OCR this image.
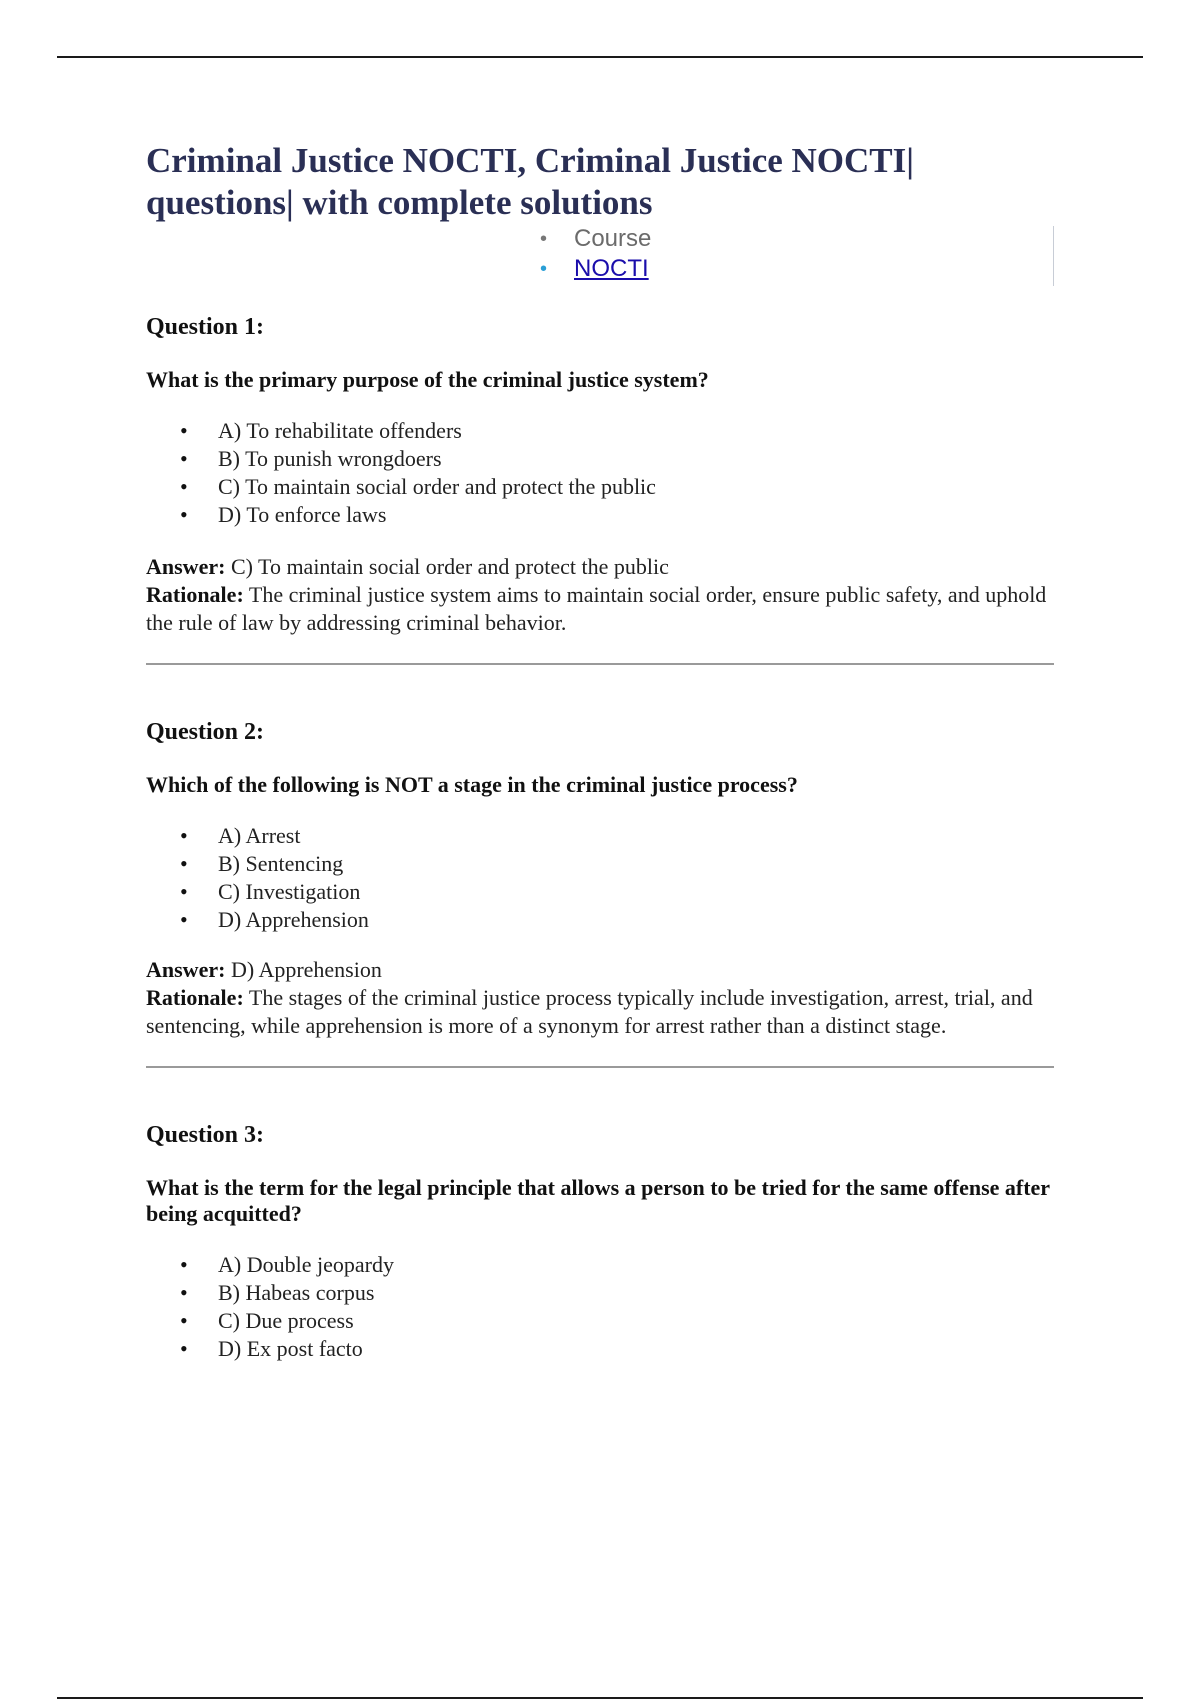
Criminal Justice NOCTI, Criminal Justice NOCTI| questions| with complete solutions
• Course
• NOCTI
Question 1:

What is the primary purpose of the criminal justice system?

• A) To rehabilitate offenders
• B) To punish wrongdoers
• C) To maintain social order and protect the public
• D) To enforce laws

Answer: C) To maintain social order and protect the public

Rationale: The criminal justice system aims to maintain social order, ensure public safety, and uphold the rule of law by addressing criminal behavior.

Question 2:

Which of the following is NOT a stage in the criminal justice process?

• A) Arrest
• B) Sentencing
• C) Investigation
• D) Apprehension

Answer: D) Apprehension

Rationale: The stages of the criminal justice process typically include investigation, arrest, trial, and sentencing, while apprehension is more of a synonym for arrest rather than a distinct stage.

Question 3:

What is the term for the legal principle that allows a person to be tried for the same offense after being acquitted?

• A) Double jeopardy
• B) Habeas corpus
• C) Due process
• D) Ex post facto
